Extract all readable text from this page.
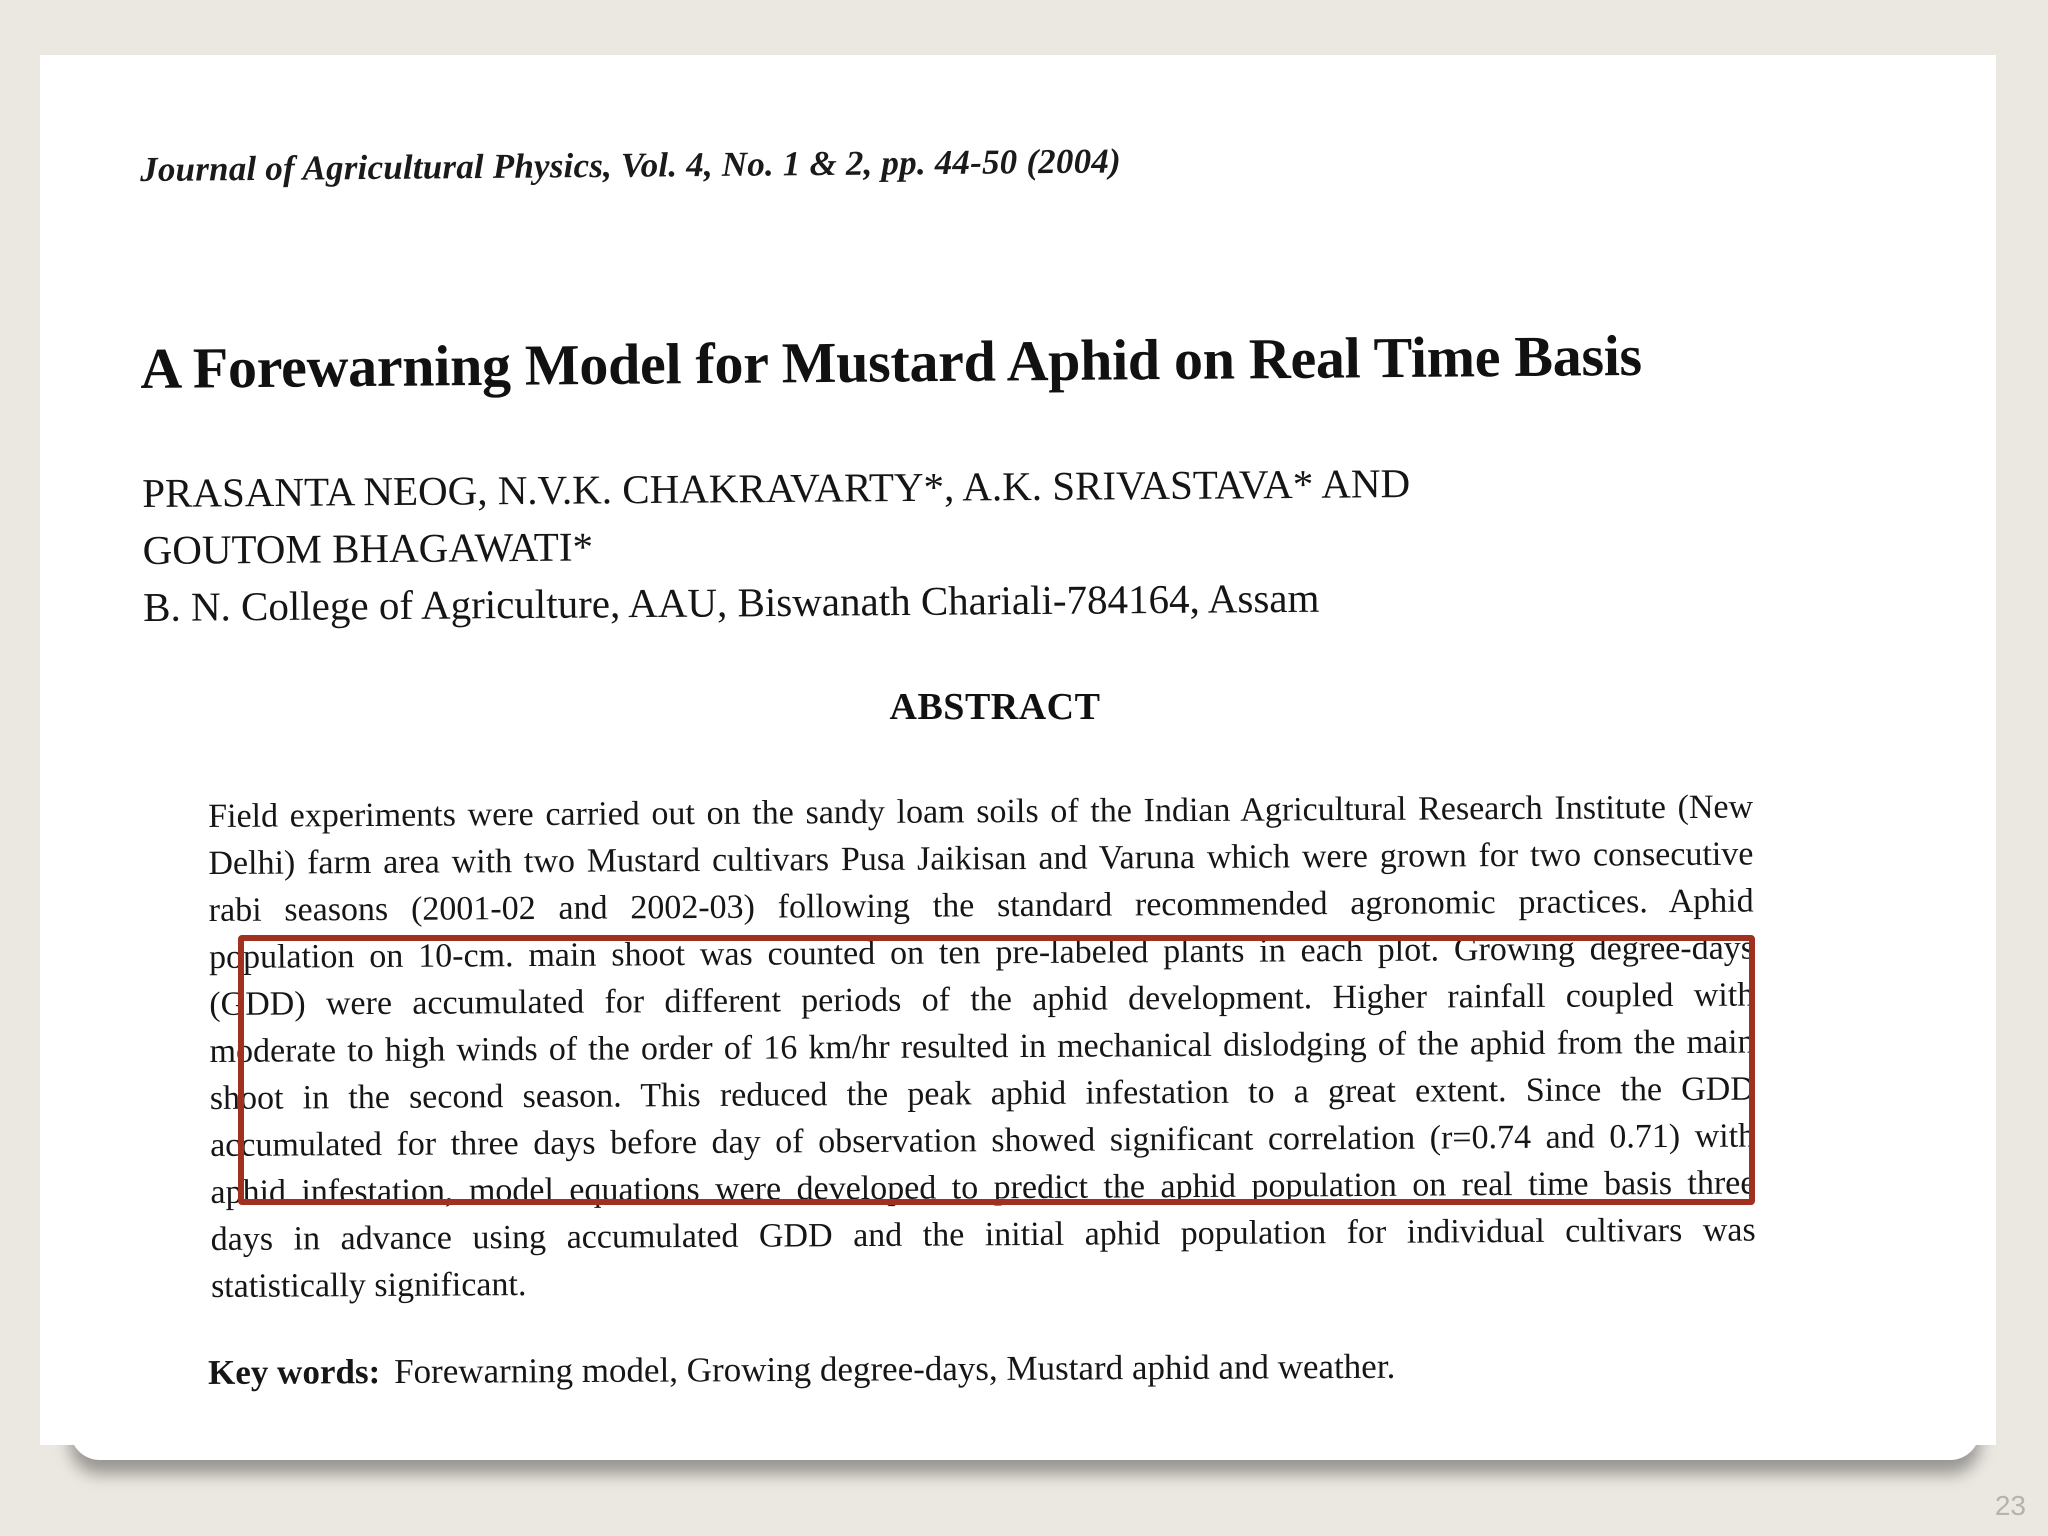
Journal of Agricultural Physics, Vol. 4, No. 1 & 2, pp. 44-50 (2004)
A Forewarning Model for Mustard Aphid on Real Time Basis
PRASANTA NEOG, N.V.K. CHAKRAVARTY*, A.K. SRIVASTAVA* AND
GOUTOM BHAGAWATI*
B. N. College of Agriculture, AAU, Biswanath Chariali-784164, Assam
ABSTRACT
Field experiments were carried out on the sandy loam soils of the Indian Agricultural Research Institute (New
Delhi) farm area with two Mustard cultivars Pusa Jaikisan and Varuna which were grown for two consecutive
rabi seasons (2001-02 and 2002-03) following the standard recommended agronomic practices. Aphid
population on 10-cm. main shoot was counted on ten pre-labeled plants in each plot. Growing degree-days
(GDD) were accumulated for different periods of the aphid development. Higher rainfall coupled with
moderate to high winds of the order of 16 km/hr resulted in mechanical dislodging of the aphid from the main
shoot in the second season. This reduced the peak aphid infestation to a great extent. Since the GDD
accumulated for three days before day of observation showed significant correlation (r=0.74 and 0.71) with
aphid infestation, model equations were developed to predict the aphid population on real time basis three
days in advance using accumulated GDD and the initial aphid population for individual cultivars was
statistically significant.
Key words: Forewarning model, Growing degree-days, Mustard aphid and weather.
23
